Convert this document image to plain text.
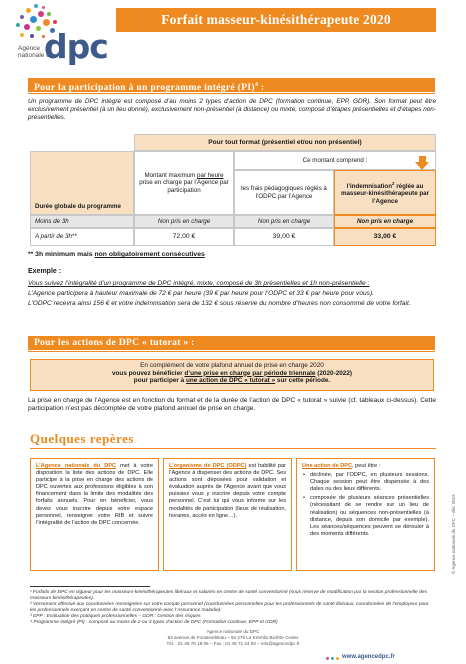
Agence
nationale du
dpc
Forfait masseur-kinésithérapeute 2020
Pour la participation à un programme intégré (PI)$^4$ :
Un programme de DPC intégré est composé d’au moins 2 types d’action de DPC (formation continue, EPP, GDR). Son format peut être exclusivement présentiel (à un lieu donné), exclusivement non-présentiel (à distance) ou mixte, composé d’étapes présentielles et d’étapes non-présentielles.
Pour tout format (présentiel et/ou non présentiel)
Durée globale du programme
Montant maximum par heure prise en charge par l’Agence par participation
Ce montant comprend :
les frais pédagogiques réglés à l’ODPC par l’Agence
l’indemnisation$^2$ réglée au masseur-kinésithérapeute par l’Agence
Moins de 3h	Non pris en charge	Non pris en charge	Non pris en charge
A partir de 3h**	72,00 €	39,00 €	33,00 €
** 3h minimum mais non obligatoirement consécutives
Exemple :
Vous suivez l’intégralité d’un programme de DPC intégré, mixte, composé de 3h présentielles et 1h non-présentielle :
L’Agence participera à hauteur maximale de 72 € par heure (39 € par heure pour l’ODPC et 33 € par heure pour vous).
L’ODPC recevra ainsi 156 € et votre indemnisation sera de 132 € sous réserve du nombre d’heures non consommé de votre forfait.
Pour les actions de DPC « tutorat » :
En complément de votre plafond annuel de prise en charge 2020
vous pouvez bénéficier d’une prise en charge par période triennale (2020-2022)
pour participer à une action de DPC « tutorat » sur cette période.
La prise en charge de l’Agence est en fonction du format et de la durée de l’action de DPC « tutorat » suivie (cf. tableaux ci-dessus). Cette participation n’est pas décomptée de votre plafond annuel de prise en charge.
Quelques repères
L’Agence nationale du DPC met à votre disposition la liste des actions de DPC. Elle participe à la prise en charge des actions de DPC ouvertes aux professions éligibles à son financement dans la limite des modalités des forfaits annuels. Pour en bénéficier, vous devez vous inscrire depuis votre espace personnel, renseigner votre RIB et suivre l’intégralité de l’action de DPC concernée.
L’organisme de DPC (ODPC) est habilité par l’Agence à dispenser des actions de DPC. Ses actions sont déposées pour validation et évaluation auprès de l’Agence avant que vous puissiez vous y inscrire depuis votre compte personnel. C’est lui qui vous informe sur les modalités de participation (lieux de réalisation, horaires, accès en ligne…).
Une action de DPC, peut être :
• déclinée, par l’ODPC, en plusieurs sessions. Chaque session peut être dispensée à des dates ou des lieux différents.
• composée de plusieurs séances présentielles (nécessitant de se rendre sur un lieu de réalisation) ou séquences non-présentielles (à distance, depuis son domicile par exemple). Les séances/séquences peuvent se dérouler à des moments différents.
¹ Forfaits de DPC en vigueur pour les masseurs-kinésithérapeutes libéraux et salariés en centre de santé conventionné (sous réserve de modification par la section professionnelle des masseurs-kinésithérapeutes).
² Versement effectué aux coordonnées renseignées sur votre compte personnel (coordonnées personnelles pour les professionnels de santé libéraux, coordonnées de l’employeur pour les professionnels exerçant en centre de santé conventionné-avec l’Assurance maladie).
³ EPP : Evaluation des pratiques professionnelles – GDR : Gestion des risques
⁴ Programme intégré (PI) : composé au moins de 2 ou 3 types d’action de DPC (Formation continue, EPP et GDR)
Agence nationale du DPC
83 avenue de Fontainebleau – 94 276 Le Kremlin Bicêtre Cedex
Tél. : 01 48 76 19 05 – Fax : 01 48 71 24 83 – info@agencedpc.fr
www.agencedpc.fr
© Agence nationale du DPC – déc 2019
